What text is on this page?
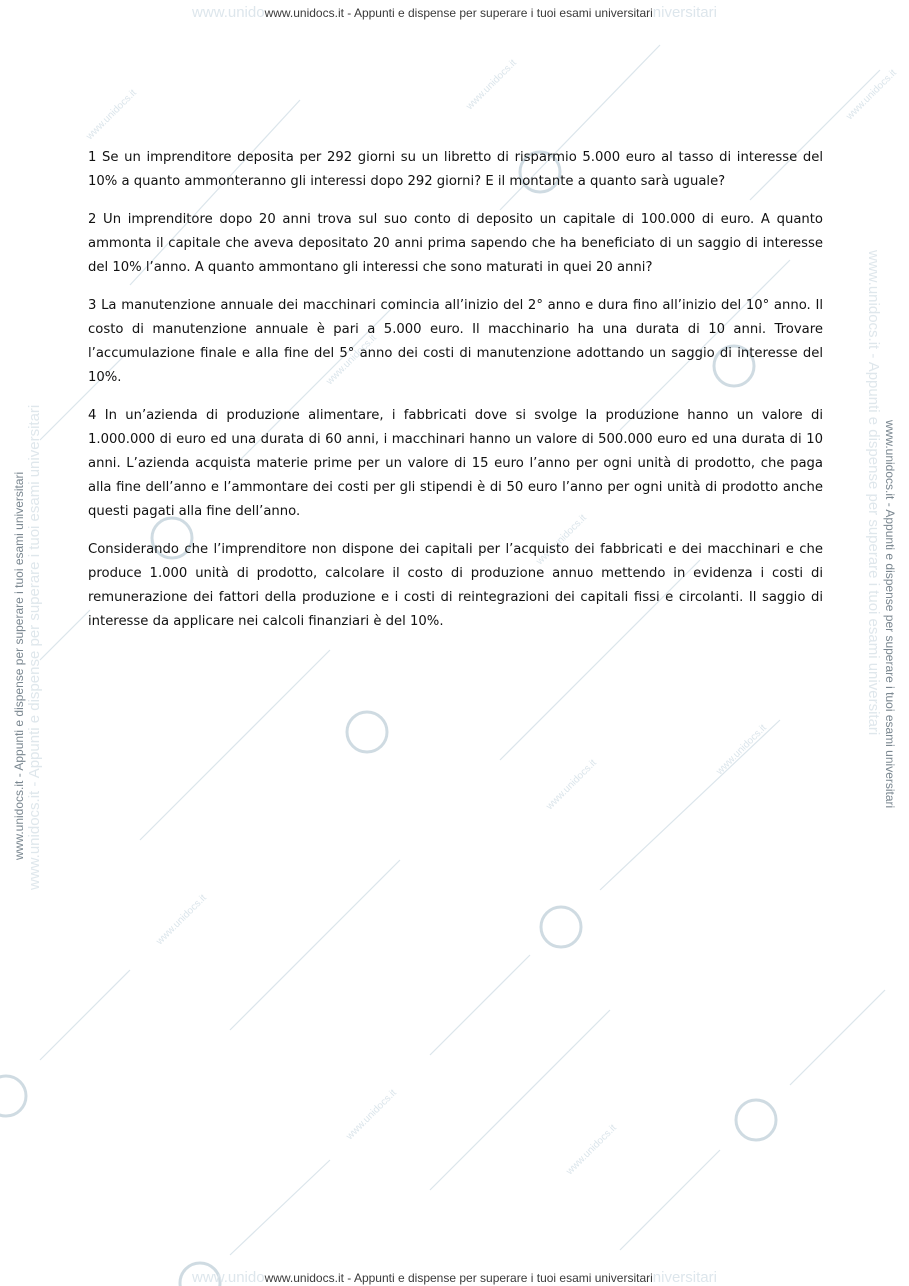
www.unidocs.it
www.unidocs.it	www.unidocs.it
www.unidocs.it
www.unidocs.it
www.unidocs.it
www.unidocs.it
www.unidocs.it
www.unidocs.it
www.unidocs.it
www.unidowww.unidocs.it - Appunti e dispense per superare i tuoi esami universitariniversitari
www.unidocs.it - Appunti e dispense per superare i tuoi esami universitari
www.unidocs.it - Appunti e dispense per superare i tuoi esami universitari	www.unidocs.it - Appunti e dispense per superare i tuoi esami universitari www.unidocs.it - Appunti e dispense per superare i tuoi esami universitari

1 Se un imprenditore deposita per 292 giorni su un libretto di risparmio 5.000 euro al tasso di interesse del 10% a quanto ammonteranno gli interessi dopo 292 giorni? E il montante a quanto sarà uguale?

2 Un imprenditore dopo 20 anni trova sul suo conto di deposito un capitale di 100.000 di euro. A quanto ammonta il capitale che aveva depositato 20 anni prima sapendo che ha beneficiato di un saggio di interesse del 10% l’anno. A quanto ammontano gli interessi che sono maturati in quei 20 anni?

3 La manutenzione annuale dei macchinari comincia all’inizio del 2° anno e dura fino all’inizio del 10° anno. Il costo di manutenzione annuale è pari a 5.000 euro. Il macchinario ha una durata di 10 anni. Trovare l’accumulazione finale e alla fine del 5° anno dei costi di manutenzione adottando un saggio di interesse del 10%.

4 In un’azienda di produzione alimentare, i fabbricati dove si svolge la produzione hanno un valore di 1.000.000 di euro ed una durata di 60 anni, i macchinari hanno un valore di 500.000 euro ed una durata di 10 anni. L’azienda acquista materie prime per un valore di 15 euro l’anno per ogni unità di prodotto, che paga alla fine dell’anno e l’ammontare dei costi per gli stipendi è di 50 euro l’anno per ogni unità di prodotto anche questi pagati alla fine dell’anno.

Considerando che l’imprenditore non dispone dei capitali per l’acquisto dei fabbricati e dei macchinari e che produce 1.000 unità di prodotto, calcolare il costo di produzione annuo mettendo in evidenza i costi di remunerazione dei fattori della produzione e i costi di reintegrazioni dei capitali fissi e circolanti. Il saggio di interesse da applicare nei calcoli finanziari è del 10%.

www.unidowww.unidocs.it - Appunti e dispense per superare i tuoi esami universitariniversitari
